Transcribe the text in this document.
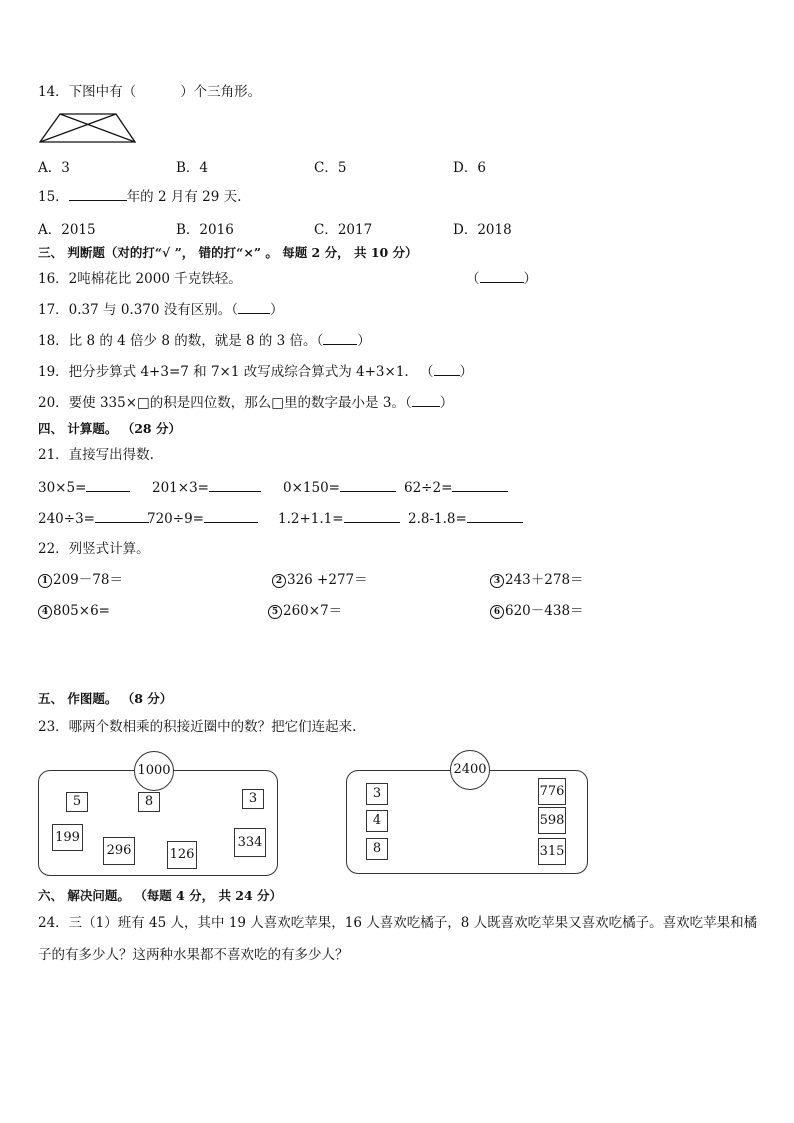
14．下图中有（	）个三角形。
A．3	B．4	C．5	D．6
15．	年的 2 月有 29 天.
A．2015	B．2016	C．2017	D．2018
三、 判断题（对的打“√ ”， 错的打“×” 。 每题 2 分， 共 10 分）
16．2吨棉花比 2000 千克铁轻。	（	）
17．0.37 与 0.370 没有区别。（ ）
18．比 8 的 4 倍少 8 的数，就是 8 的 3 倍。（	）
19．把分步算式 4+3=7 和 7×1 改写成综合算式为 4+3×1. （ ）
20．要使 335×□的积是四位数，那么□里的数字最小是 3。（ ）
四、 计算题。 （28 分）
21．直接写出得数.
30×5=	201×3=	0×150=	62÷2=
240÷3=	720÷9=	1.2+1.1=	2.8-1.8=
22．列竖式计算。
1 209－78＝	2 326 +277＝	3 243＋278＝
4 805×6=	5 260×7＝	6 620－438＝
五、 作图题。 （8 分）
23．哪两个数相乘的积接近圈中的数？把它们连起来.
1000
5	8	3
199
296	126
334
2400
3
4
8
776
598
315
六、 解决问题。 （每题 4 分， 共 24 分）
24．三（1）班有 45 人，其中 19 人喜欢吃苹果，16 人喜欢吃橘子，8 人既喜欢吃苹果又喜欢吃橘子。喜欢吃苹果和橘
子的有多少人？这两种水果都不喜欢吃的有多少人？
